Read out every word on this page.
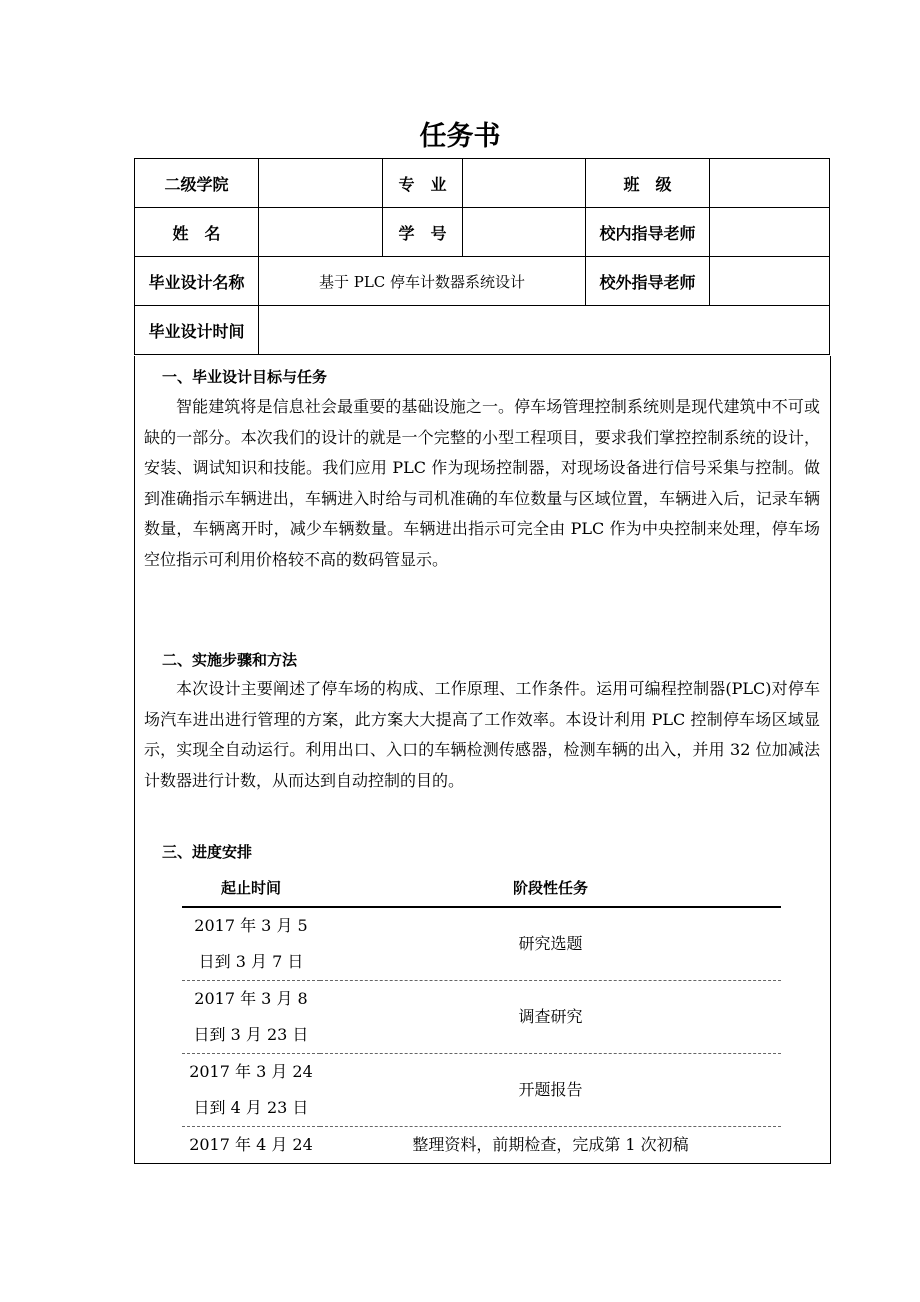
任务书
二级学院		专　业		班　级	
姓　名		学　号		校内指导老师	
毕业设计名称	基于 PLC 停车计数器系统设计			校外指导老师	
毕业设计时间					
一、毕业设计目标与任务

智能建筑将是信息社会最重要的基础设施之一。停车场管理控制系统则是现代建筑中不可或缺的一部分。本次我们的设计的就是一个完整的小型工程项目，要求我们掌控控制系统的设计，安装、调试知识和技能。我们应用 PLC 作为现场控制器，对现场设备进行信号采集与控制。做到准确指示车辆进出，车辆进入时给与司机准确的车位数量与区域位置，车辆进入后，记录车辆数量，车辆离开时，减少车辆数量。车辆进出指示可完全由 PLC 作为中央控制来处理，停车场空位指示可利用价格较不高的数码管显示。

二、实施步骤和方法

本次设计主要阐述了停车场的构成、工作原理、工作条件。运用可编程控制器(PLC)对停车场汽车进出进行管理的方案，此方案大大提高了工作效率。本设计利用 PLC 控制停车场区域显示，实现全自动运行。利用出口、入口的车辆检测传感器，检测车辆的出入，并用 32 位加减法计数器进行计数，从而达到自动控制的目的。

三、进度安排
起止时间	阶段性任务
2017 年 3 月 5
日到 3 月 7 日	研究选题
2017 年 3 月 8
日到 3 月 23 日	调查研究
2017 年 3 月 24
日到 4 月 23 日	开题报告
2017 年 4 月 24	整理资料，前期检查，完成第 1 次初稿
